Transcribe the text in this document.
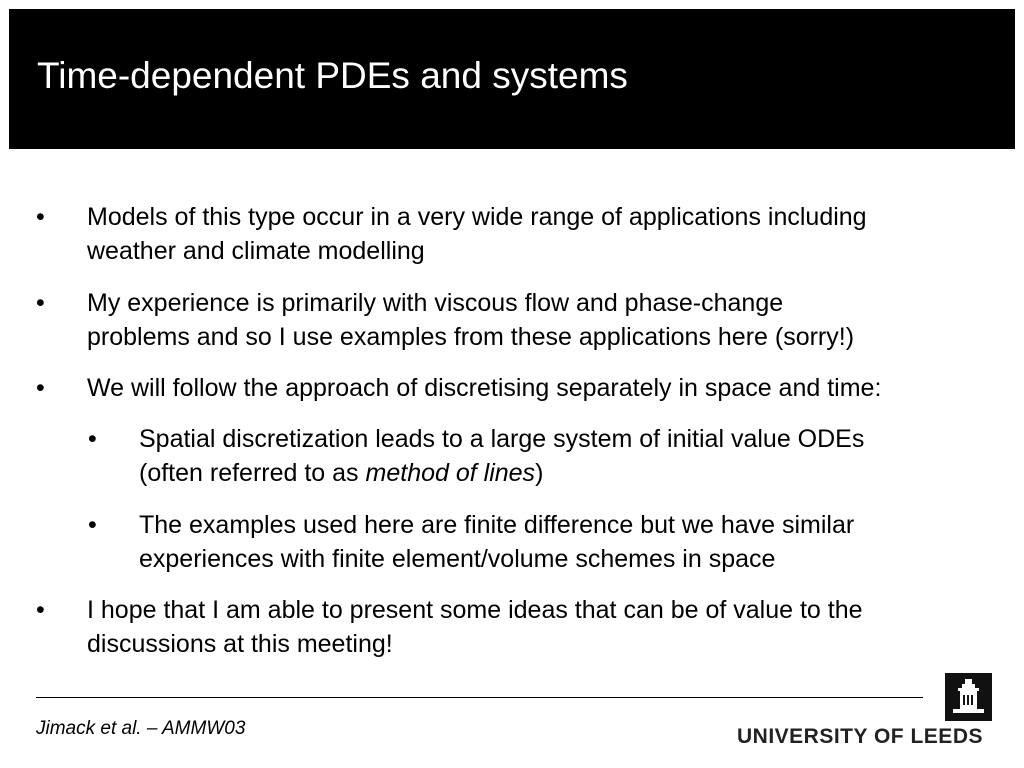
Time-dependent PDEs and systems
• Models of this type occur in a very wide range of applications including
weather and climate modelling
• My experience is primarily with viscous flow and phase-change
problems and so I use examples from these applications here (sorry!)
• We will follow the approach of discretising separately in space and time:
• Spatial discretization leads to a large system of initial value ODEs
(often referred to as method of lines)
• The examples used here are finite difference but we have similar
experiences with finite element/volume schemes in space
• I hope that I am able to present some ideas that can be of value to the
discussions at this meeting!
Jimack et al. – AMMW03	UNIVERSITY OF LEEDS
